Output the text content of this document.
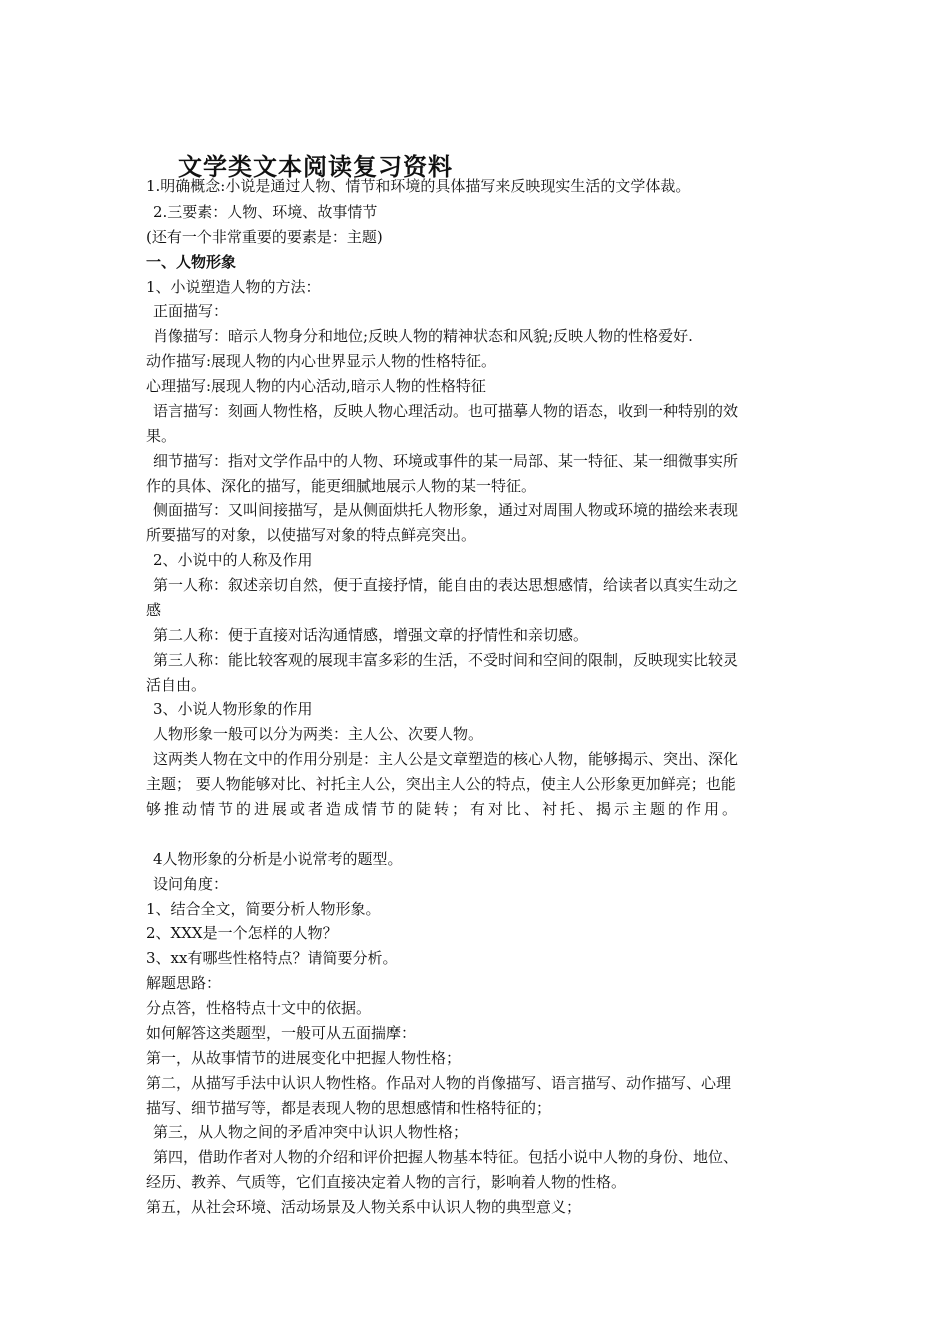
文学类文本阅读复习资料
1.明确概念:小说是通过人物、情节和环境的具体描写来反映现实生活的文学体裁。
2.三要素：人物、环境、故事情节
(还有一个非常重要的要素是：主题)
一、人物形象
1、小说塑造人物的方法：
正面描写：
肖像描写：暗示人物身分和地位;反映人物的精神状态和风貌;反映人物的性格爱好.
动作描写:展现人物的内心世界显示人物的性格特征。
心理描写:展现人物的内心活动,暗示人物的性格特征
语言描写：刻画人物性格，反映人物心理活动。也可描摹人物的语态，收到一种特别的效
果。
细节描写：指对文学作品中的人物、环境或事件的某一局部、某一特征、某一细微事实所
作的具体、深化的描写，能更细腻地展示人物的某一特征。
侧面描写：又叫间接描写，是从侧面烘托人物形象，通过对周围人物或环境的描绘来表现
所要描写的对象，以使描写对象的特点鲜亮突出。
2、小说中的人称及作用
第一人称：叙述亲切自然，便于直接抒情，能自由的表达思想感情，给读者以真实生动之
感
第二人称：便于直接对话沟通情感，增强文章的抒情性和亲切感。
第三人称：能比较客观的展现丰富多彩的生活，不受时间和空间的限制，反映现实比较灵
活自由。
3、小说人物形象的作用
人物形象一般可以分为两类：主人公、次要人物。
这两类人物在文中的作用分别是：主人公是文章塑造的核心人物，能够揭示、突出、深化
主题； 要人物能够对比、衬托主人公，突出主人公的特点，使主人公形象更加鲜亮；也能
够推动情节的进展或者造成情节的陡转；有对比、衬托、揭示主题的作用。
4人物形象的分析是小说常考的题型。
设问角度：
1、结合全文，简要分析人物形象。
2、XXX是一个怎样的人物？
3、xx有哪些性格特点？请简要分析。
解题思路：
分点答，性格特点十文中的依据。
如何解答这类题型，一般可从五面揣摩：
第一，从故事情节的进展变化中把握人物性格；
第二，从描写手法中认识人物性格。作品对人物的肖像描写、语言描写、动作描写、心理
描写、细节描写等，都是表现人物的思想感情和性格特征的；
第三，从人物之间的矛盾冲突中认识人物性格；
第四，借助作者对人物的介绍和评价把握人物基本特征。包括小说中人物的身份、地位、
经历、教养、气质等，它们直接决定着人物的言行，影响着人物的性格。
第五，从社会环境、活动场景及人物关系中认识人物的典型意义；
